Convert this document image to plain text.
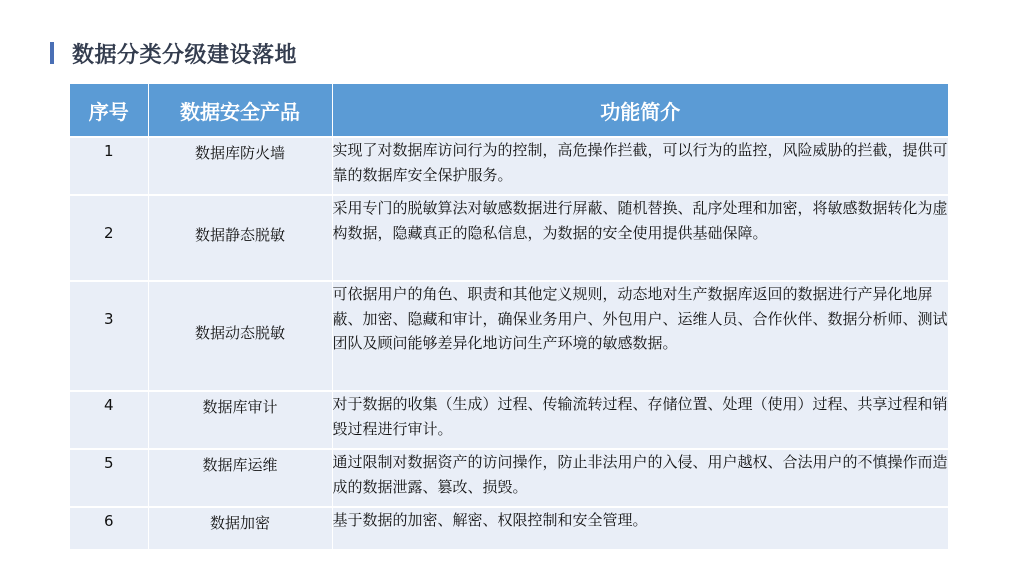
数据分类分级建设落地
序号	数据安全产品	功能简介

1	数据库防火墙	实现了对数据库访问行为的控制，高危操作拦截，可以行为的监控，风险威胁的拦截，提供可靠的数据库安全保护服务。

2	数据静态脱敏	采用专门的脱敏算法对敏感数据进行屏蔽、随机替换、乱序处理和加密，将敏感数据转化为虚构数据，隐藏真正的隐私信息，为数据的安全使用提供基础保障。

3	数据动态脱敏	可依据用户的角色、职责和其他定义规则，动态地对生产数据库返回的数据进行产异化地屏蔽、加密、隐藏和审计，确保业务用户、外包用户、运维人员、合作伙伴、数据分析师、测试团队及顾问能够差异化地访问生产环境的敏感数据。

4	数据库审计	对于数据的收集（生成）过程、传输流转过程、存储位置、处理（使用）过程、共享过程和销毁过程进行审计。

5	数据库运维	通过限制对数据资产的访问操作，防止非法用户的入侵、用户越权、合法用户的不慎操作而造成的数据泄露、篡改、损毁。

6	数据加密	基于数据的加密、解密、权限控制和安全管理。
